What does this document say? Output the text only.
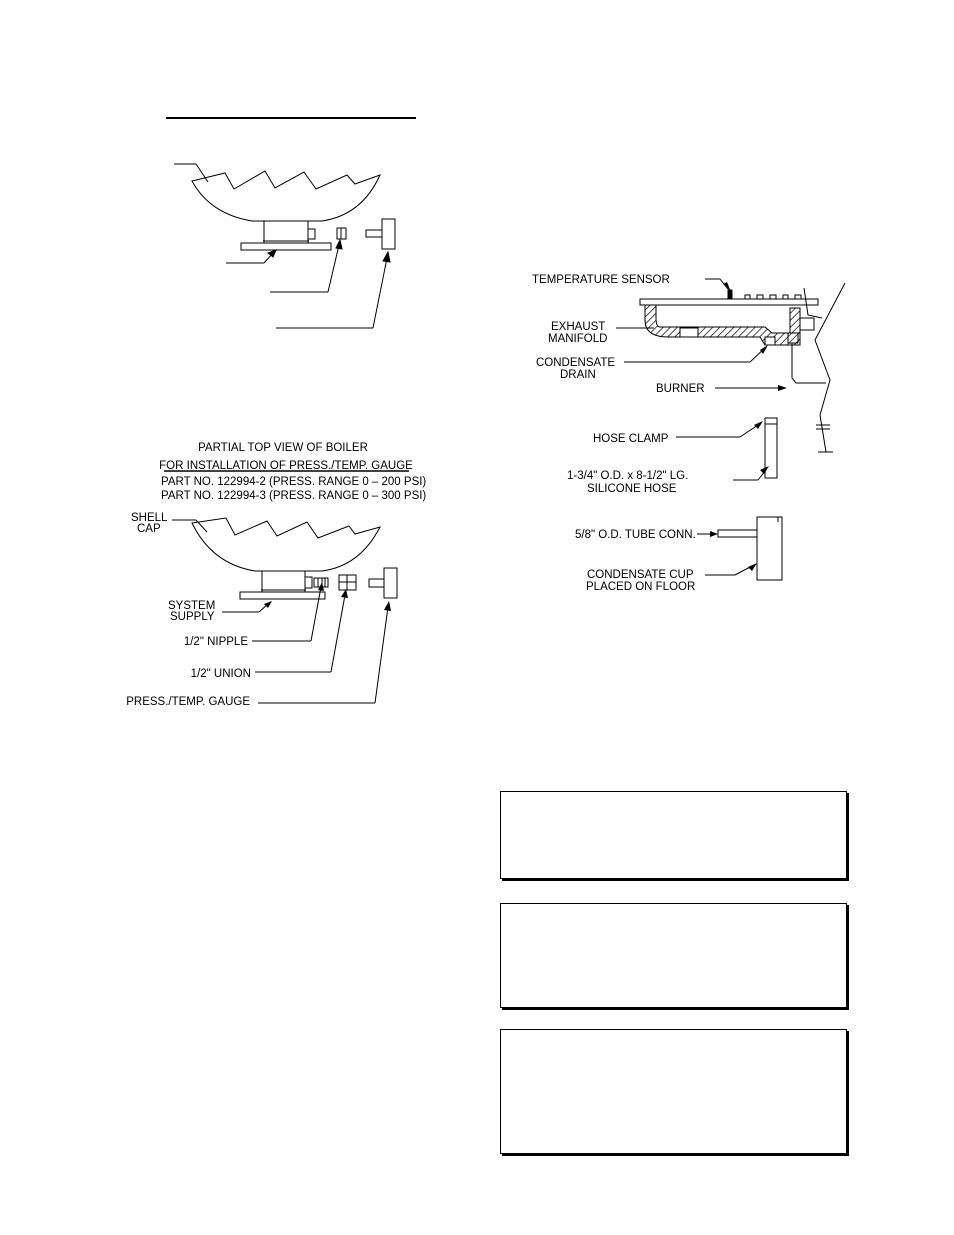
PARTIAL TOP VIEW OF BOILER
FOR INSTALLATION OF PRESS./TEMP. GAUGE
PART NO. 122994-2 (PRESS. RANGE 0 – 200 PSI)
PART NO. 122994-3 (PRESS. RANGE 0 – 300 PSI)
SHELL
CAP
SYSTEM
SUPPLY
1/2" NIPPLE
1/2" UNION
PRESS./TEMP. GAUGE
TEMPERATURE SENSOR
EXHAUST
MANIFOLD
CONDENSATE
DRAIN
BURNER
HOSE CLAMP
1-3/4" O.D. x 8-1/2" LG.
SILICONE HOSE
5/8" O.D. TUBE CONN.
CONDENSATE CUP
PLACED ON FLOOR
